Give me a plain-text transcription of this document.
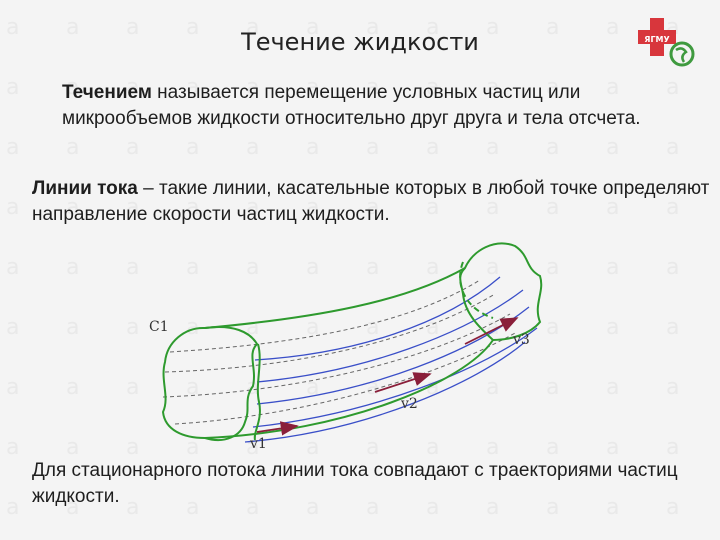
Течение жидкости	ЯГМУ
Течением называется перемещение условных частиц или микрообъемов жидкости относительно друг друга и тела отсчета.
Линии тока – такие линии, касательные которых в любой точке определяют направление скорости частиц жидкости.
C1
v1
v2
v3
Для стационарного потока линии тока совпадают с траекториями частиц жидкости.
